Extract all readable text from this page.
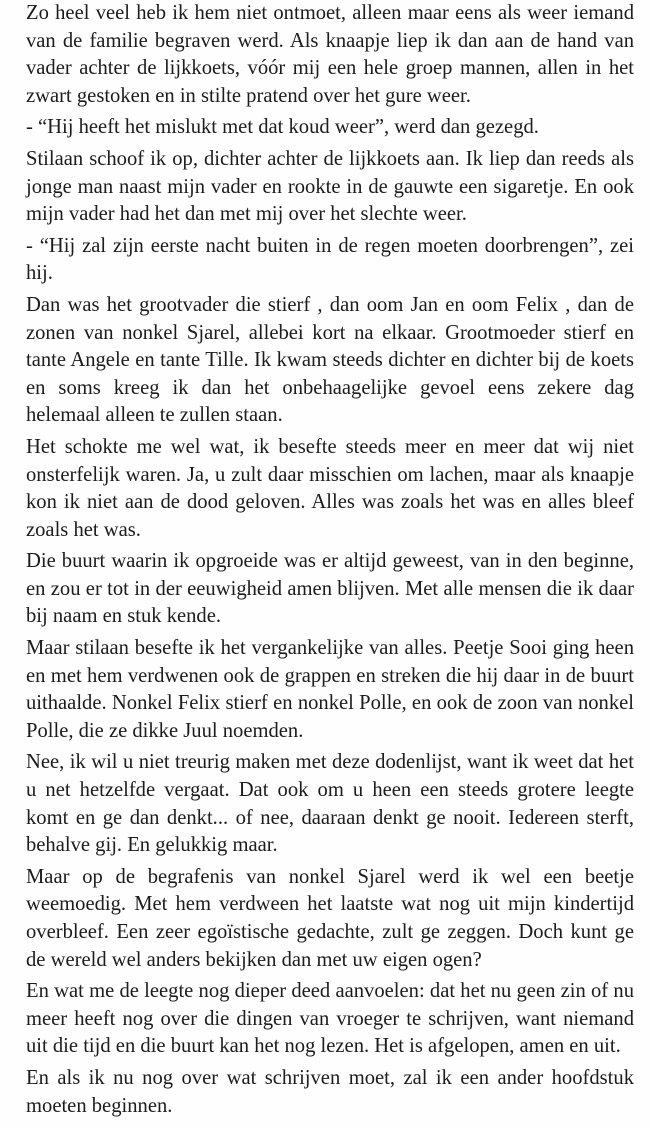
Zo heel veel heb ik hem niet ontmoet, alleen maar eens als weer iemand van de familie begraven werd. Als knaapje liep ik dan aan de hand van vader achter de lijkkoets, vóór mij een hele groep mannen, allen in het zwart gestoken en in stilte pratend over het gure weer.

- “Hij heeft het mislukt met dat koud weer”, werd dan gezegd.

Stilaan schoof ik op, dichter achter de lijkkoets aan. Ik liep dan reeds als jonge man naast mijn vader en rookte in de gauwte een sigaretje. En ook mijn vader had het dan met mij over het slechte weer.

- “Hij zal zijn eerste nacht buiten in de regen moeten doorbrengen”, zei hij.

Dan was het grootvader die stierf , dan oom Jan en oom Felix , dan de zonen van nonkel Sjarel, allebei kort na elkaar. Grootmoeder stierf en tante Angele en tante Tille. Ik kwam steeds dichter en dichter bij de koets en soms kreeg ik dan het onbehaagelijke gevoel eens zekere dag helemaal alleen te zullen staan.

Het schokte me wel wat, ik besefte steeds meer en meer dat wij niet onsterfelijk waren. Ja, u zult daar misschien om lachen, maar als knaapje kon ik niet aan de dood geloven. Alles was zoals het was en alles bleef zoals het was.

Die buurt waarin ik opgroeide was er altijd geweest, van in den beginne, en zou er tot in der eeuwigheid amen blijven. Met alle mensen die ik daar bij naam en stuk kende.

Maar stilaan besefte ik het vergankelijke van alles. Peetje Sooi ging heen en met hem verdwenen ook de grappen en streken die hij daar in de buurt uithaalde. Nonkel Felix stierf en nonkel Polle, en ook de zoon van nonkel Polle, die ze dikke Juul noemden.

Nee, ik wil u niet treurig maken met deze dodenlijst, want ik weet dat het u net hetzelfde vergaat. Dat ook om u heen een steeds grotere leegte komt en ge dan denkt... of nee, daaraan denkt ge nooit. Iedereen sterft, behalve gij. En gelukkig maar.

Maar op de begrafenis van nonkel Sjarel werd ik wel een beetje weemoedig. Met hem verdween het laatste wat nog uit mijn kindertijd overbleef. Een zeer egoïstische gedachte, zult ge zeggen. Doch kunt ge de wereld wel anders bekijken dan met uw eigen ogen?

En wat me de leegte nog dieper deed aanvoelen: dat het nu geen zin of nu meer heeft nog over die dingen van vroeger te schrijven, want niemand uit die tijd en die buurt kan het nog lezen. Het is afgelopen, amen en uit.

En als ik nu nog over wat schrijven moet, zal ik een ander hoofdstuk moeten beginnen.
